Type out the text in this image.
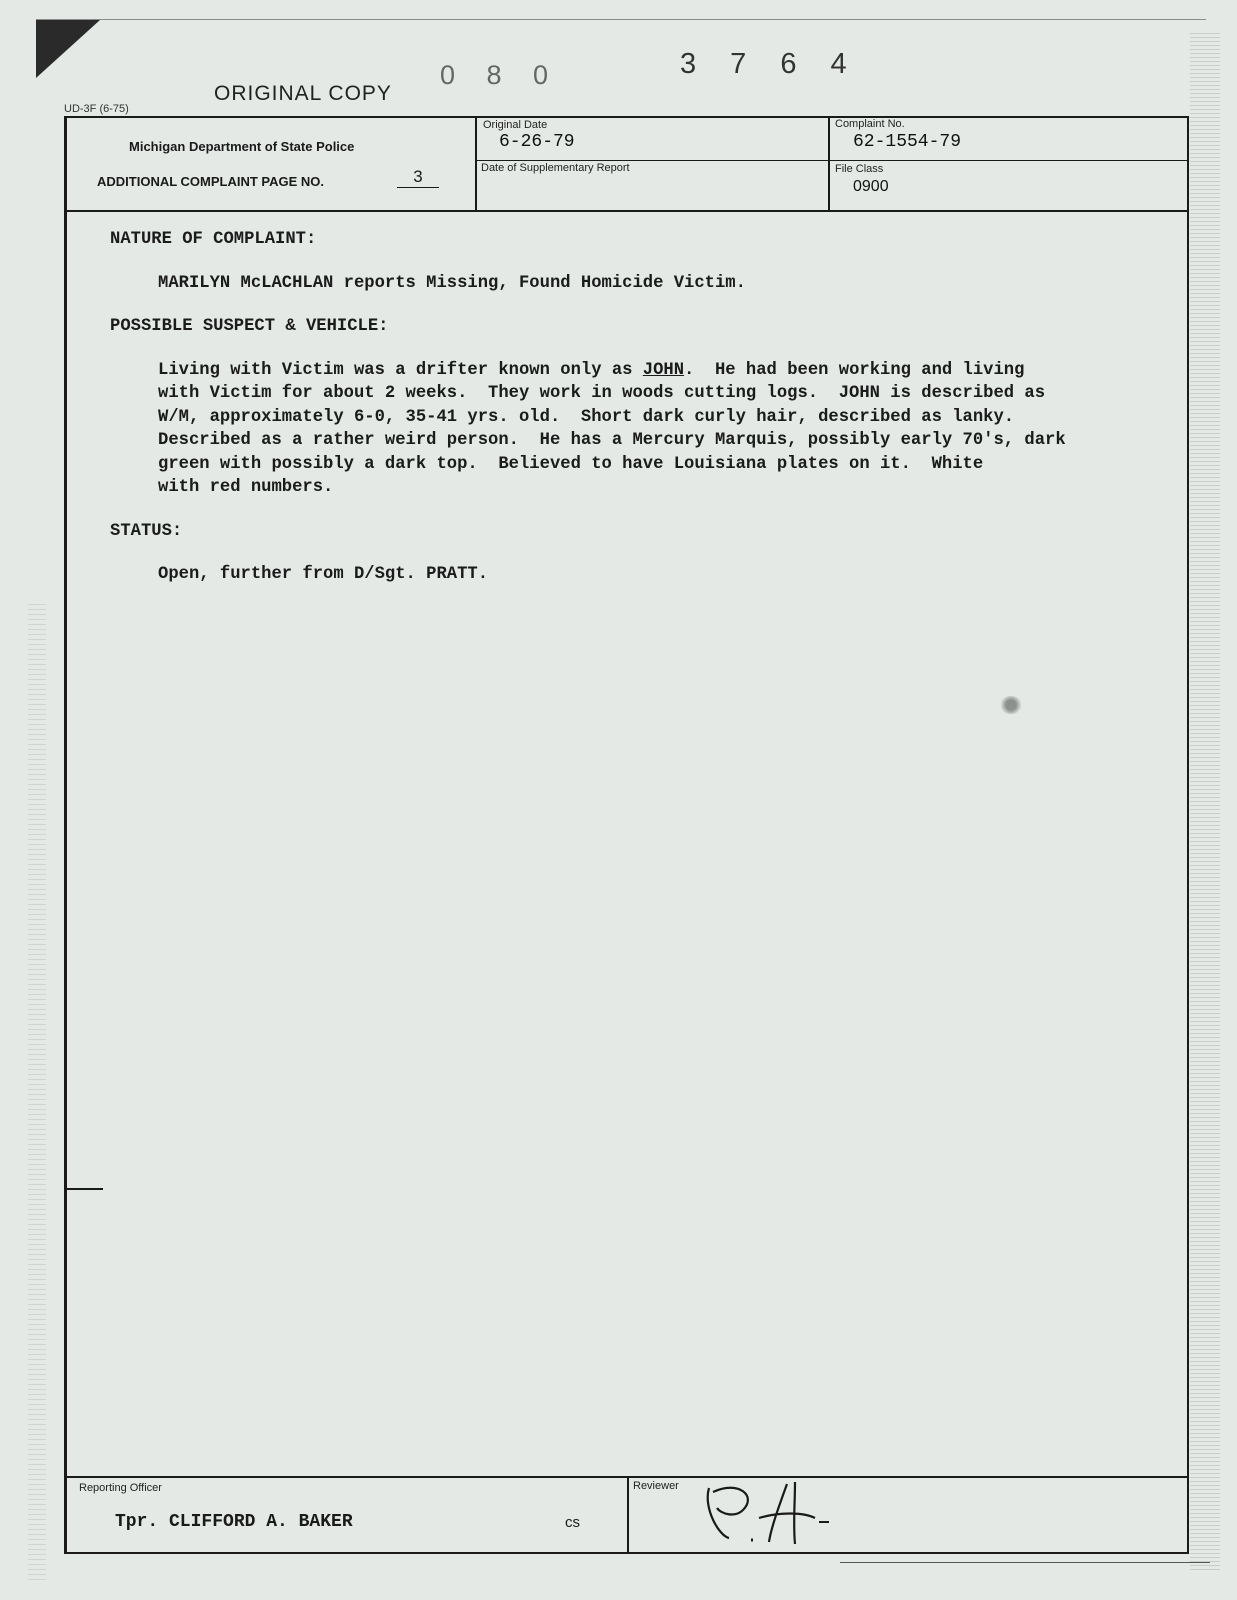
UD-3F (6-75)
ORIGINAL COPY
0 8 0	3 7 6 4
Michigan Department of State Police
ADDITIONAL COMPLAINT PAGE NO.	3
Original Date
6-26-79
Date of Supplementary Report
Complaint No.
62-1554-79
File Class
0900
Reporting Officer
Tpr. CLIFFORD A. BAKER	cs
Reviewer
NATURE OF COMPLAINT:

MARILYN McLACHLAN reports Missing, Found Homicide Victim.

POSSIBLE SUSPECT & VEHICLE:

Living with Victim was a drifter known only as JOHN.  He had been working and living
with Victim for about 2 weeks.  They work in woods cutting logs.  JOHN is described as
W/M, approximately 6-0, 35-41 yrs. old.  Short dark curly hair, described as lanky.
Described as a rather weird person.  He has a Mercury Marquis, possibly early 70's, dark
green with possibly a dark top.  Believed to have Louisiana plates on it.  White
with red numbers.

STATUS:

Open, further from D/Sgt. PRATT.
